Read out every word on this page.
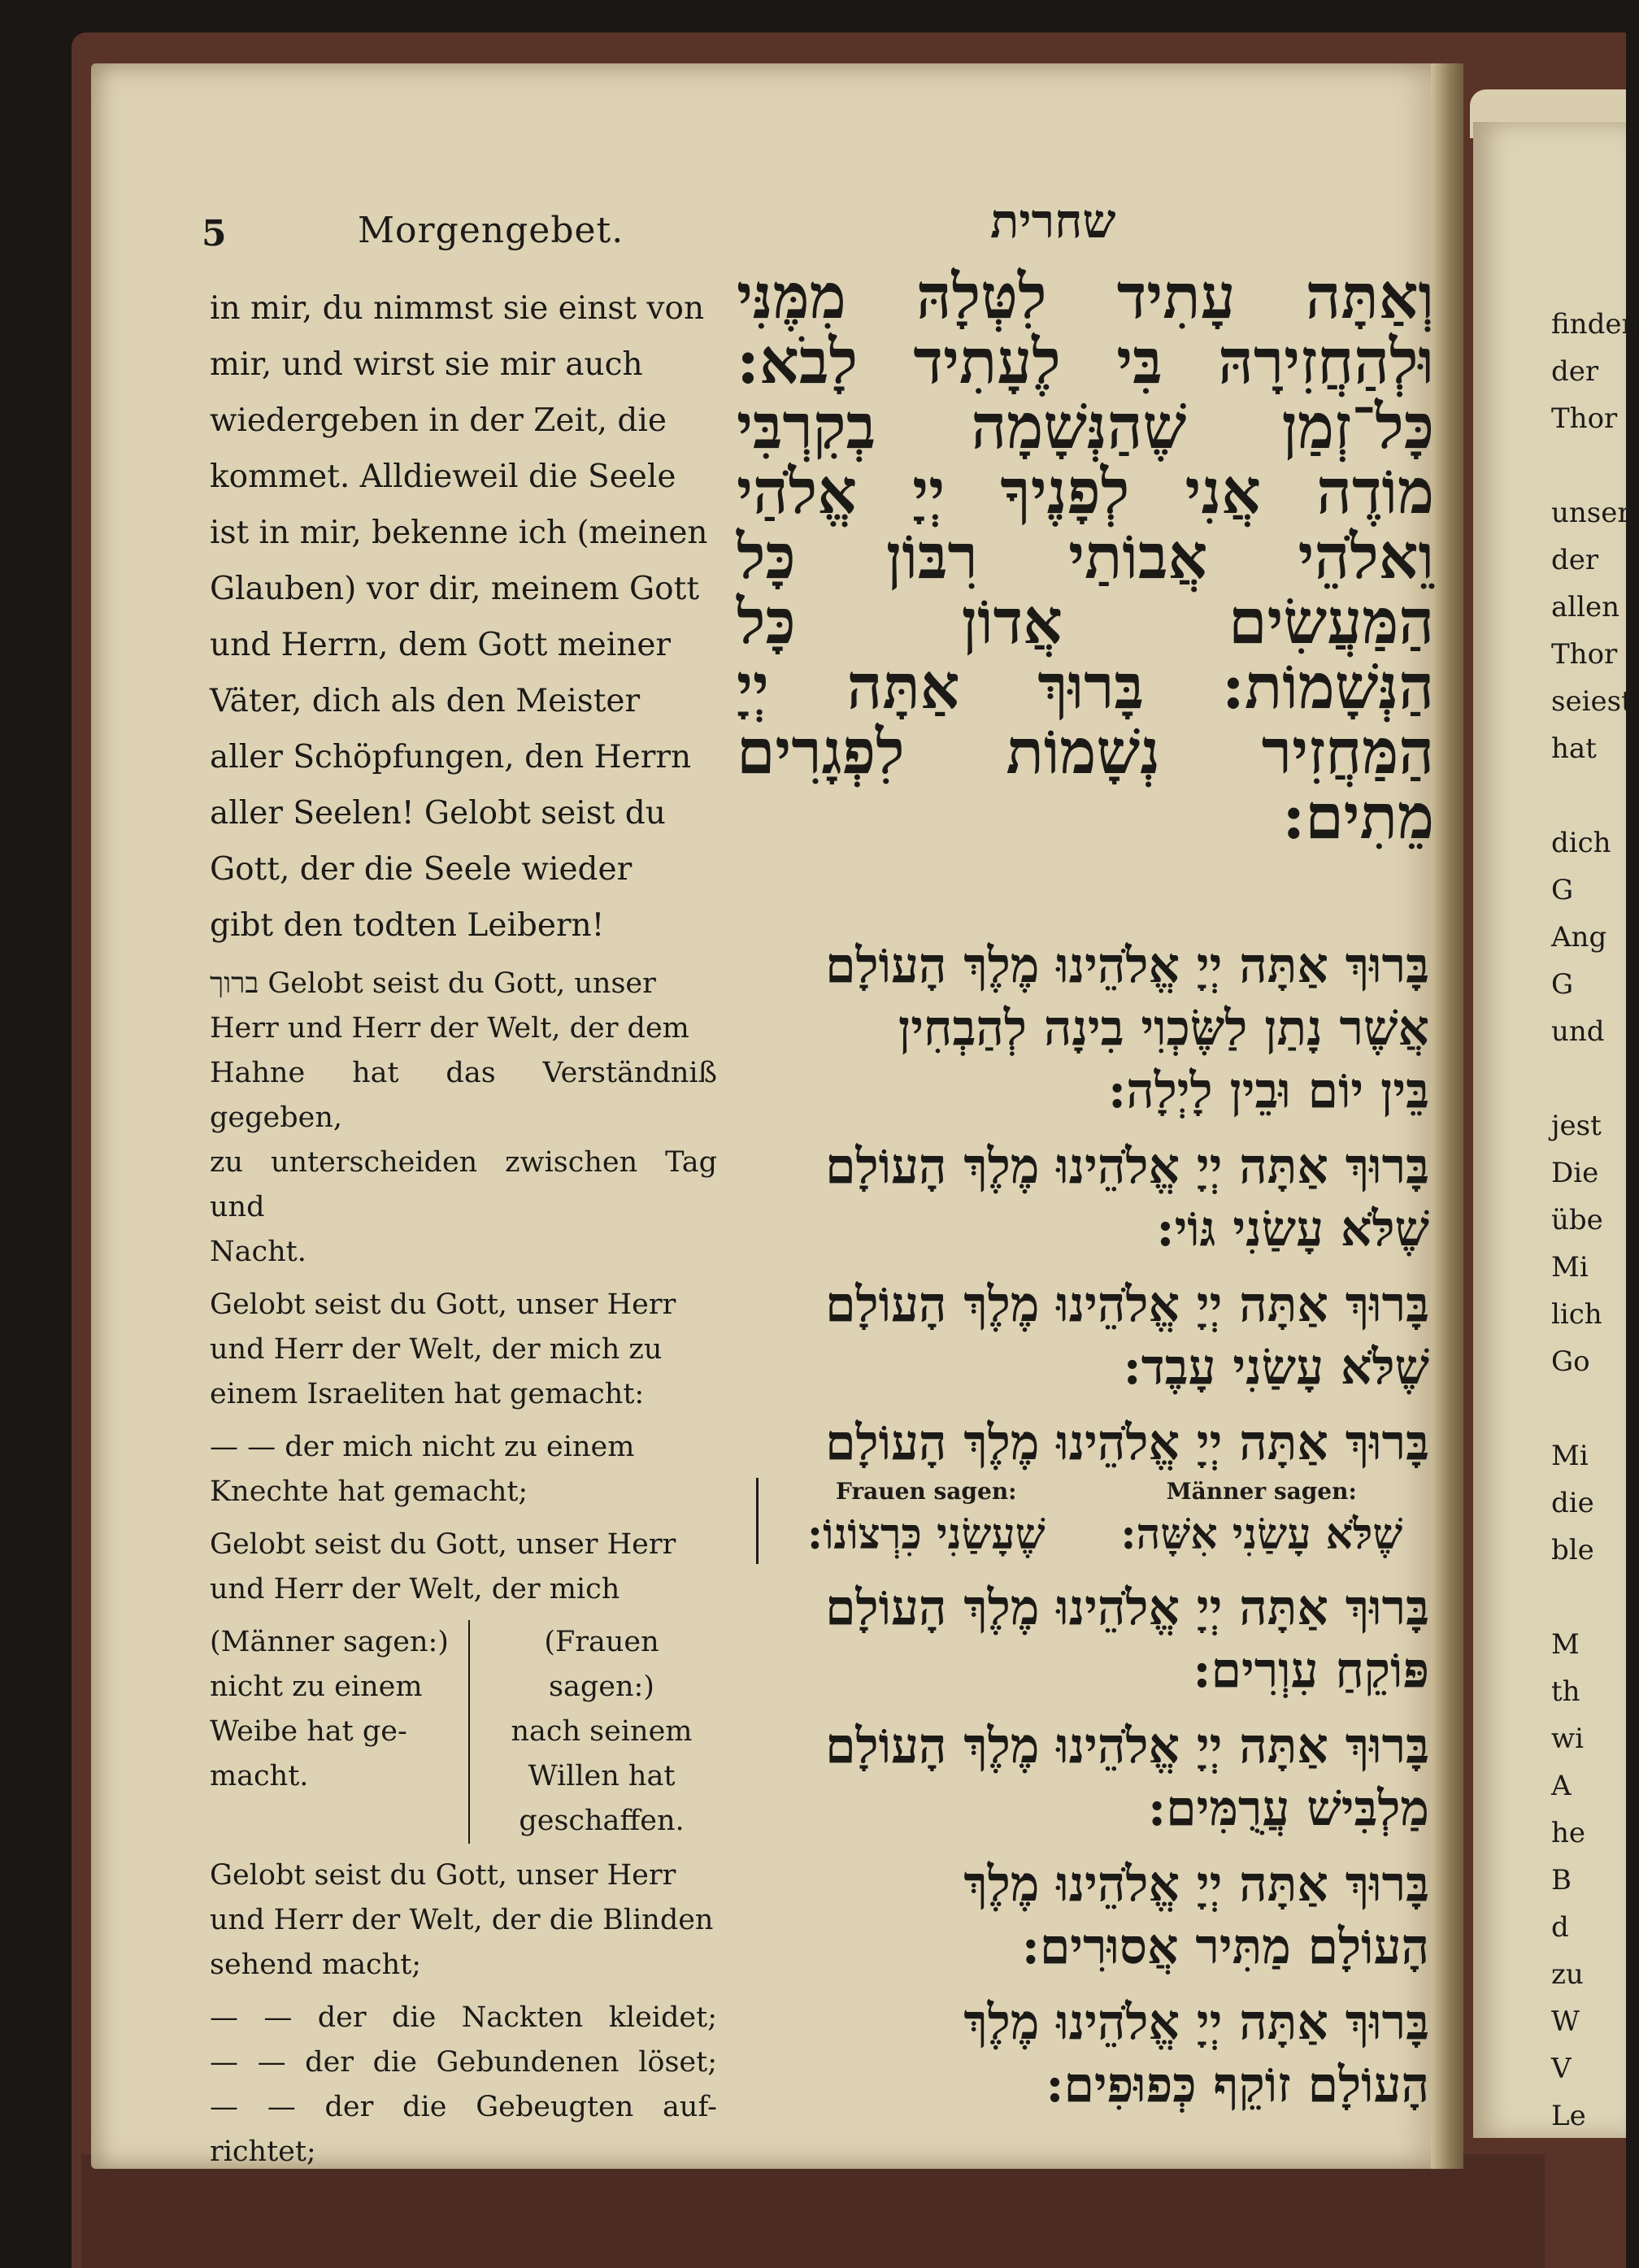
5	Morgengebet.	שחרית
in mir, du nimmst sie einst von
mir, und wirst sie mir auch
wiedergeben in der Zeit, die
kommet. Alldieweil die Seele
ist in mir, bekenne ich (meinen
Glauben) vor dir, meinem Gott
und Herrn, dem Gott meiner
Väter, dich als den Meister
aller Schöpfungen, den Herrn
aller Seelen! Gelobt seist du
Gott, der die Seele wieder
gibt den todten Leibern!
ברוך Gelobt seist du Gott, unser
Herr und Herr der Welt, der dem
Hahne hat das Verständniß gegeben,
zu unterscheiden zwischen Tag und
Nacht.
Gelobt seist du Gott, unser Herr
und Herr der Welt, der mich zu
einem Israeliten hat gemacht:
— — der mich nicht zu einem
Knechte hat gemacht;
Gelobt seist du Gott, unser Herr
und Herr der Welt, der mich
(Männer sagen:)
nicht zu einem
Weibe hat ge-
macht.
(Frauen sagen:)
nach seinem
Willen hat
geschaffen.
Gelobt seist du Gott, unser Herr
und Herr der Welt, der die Blinden
sehend macht;
— — der die Nackten kleidet;
— — der die Gebundenen löset;
— — der die Gebeugten auf-
richtet;
וְאַתָּה עָתִיד לִטְּלָהּ מִמֶּנִּי
וּלְהַחֲזִירָהּ בִּי לֶעָתִיד לָבֹא:
כָּל־זְמַן שֶׁהַנְּשָׁמָה בְקִרְבִּי
מוֹדֶה אֲנִי לְפָנֶיךָ יְיָ אֱלֹהַי
וֵאלֹהֵי אֲבוֹתַי רִבּוֹן כָּל
הַמַּעֲשִׂים אֲדוֹן כָּל
הַנְּשָׁמוֹת: בָּרוּךְ אַתָּה יְיָ
הַמַּחֲזִיר נְשָׁמוֹת לִפְגָרִים
מֵתִים:
בָּרוּךְ אַתָּה יְיָ אֱלֹהֵינוּ מֶלֶךְ הָעוֹלָם
אֲשֶׁר נָתַן לַשֶּׂכְוִי בִינָה לְהַבְחִין
בֵּין יוֹם וּבֵין לָיְלָה:
בָּרוּךְ אַתָּה יְיָ אֱלֹהֵינוּ מֶלֶךְ הָעוֹלָם
שֶׁלֹּא עָשַׂנִי גּוֹי:
בָּרוּךְ אַתָּה יְיָ אֱלֹהֵינוּ מֶלֶךְ הָעוֹלָם
שֶׁלֹּא עָשַׂנִי עָבֶד:
בָּרוּךְ אַתָּה יְיָ אֱלֹהֵינוּ מֶלֶךְ הָעוֹלָם
Männer sagen:
שֶׁלֹּא עָשַׂנִי אִשָּׁה:
Frauen sagen:
שֶׁעָשַׂנִי כִּרְצוֹנוֹ:
בָּרוּךְ אַתָּה יְיָ אֱלֹהֵינוּ מֶלֶךְ הָעוֹלָם
פּוֹקֵחַ עִוְרִים:
בָּרוּךְ אַתָּה יְיָ אֱלֹהֵינוּ מֶלֶךְ הָעוֹלָם
מַלְבִּישׁ עֲרֻמִּים:
בָּרוּךְ אַתָּה יְיָ אֱלֹהֵינוּ מֶלֶךְ
הָעוֹלָם מַתִּיר אֲסוּרִים:
בָּרוּךְ אַתָּה יְיָ אֱלֹהֵינוּ מֶלֶךְ
הָעוֹלָם זוֹקֵף כְּפוּפִים:
finden
der
Thor
unser
der
allen
Thor
seiest
hat
dich
G
Ang
G
und
jest
Die
übe
Mi
lich
Go
Mi
die
ble
M
th
wi
A
he
B
d
zu
W
V
Le
